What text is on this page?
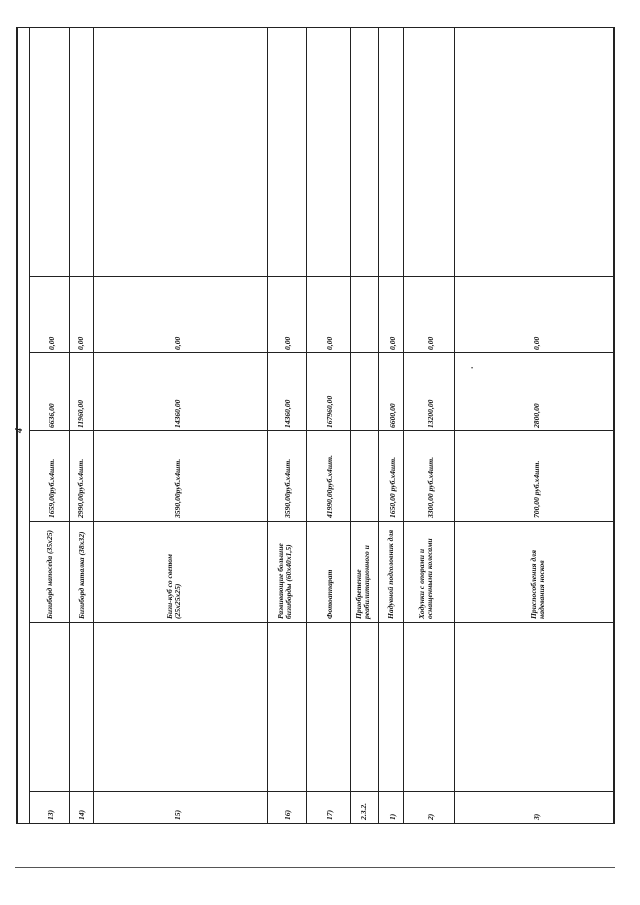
4
•
13)
Бизиборд напоседа (35х25)
1659,00руб.х4шт.
6636,00
0,00
14)
Бизиборд каталка (38х32)
2990,00руб.х4шт.
11960,00
0,00
15)
Бизи-куб со светом (25х25х25)
3590,00руб.х4шт.
14360,00
0,00
16)
Развивающие большие бизиборды (60х40х1,5)
3590,00руб.х4шт.
14360,00
0,00
17)
Фотоаппарат
41990,00руб.х4шт.
167960,00
0,00
2.3.2.
Приобретение реабилитационного и
1)
Надувной подголовник для
1650,00 руб.х4шт.
6600,00
0,00
2)
Ходунки с опорами и оснащенными колесами
3300,00 руб.х4шт.
13200,00
0,00
3)
Приспособления для надевания носков
700,00 руб.х4шт.
2800,00
0,00
